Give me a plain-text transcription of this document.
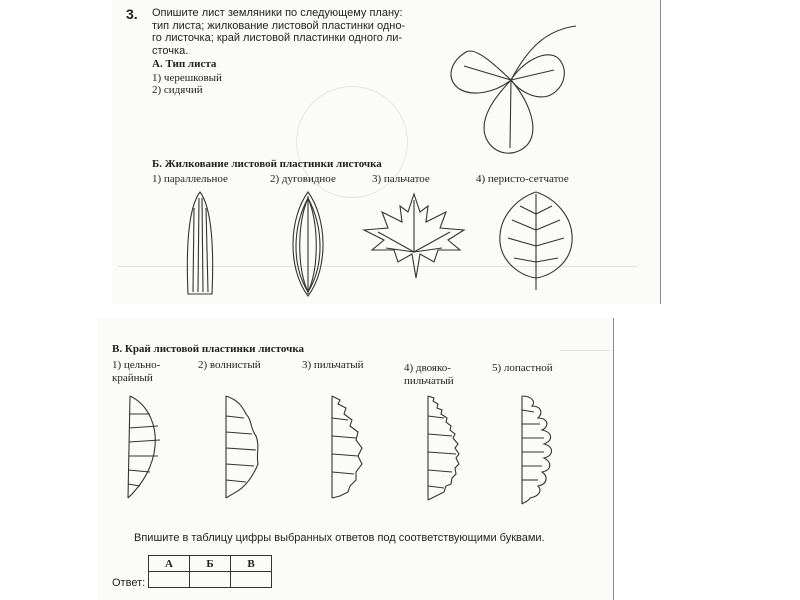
3. Опишите лист земляники по следующему плану:
тип листа; жилкование листовой пластинки одно-
го листочка; край листовой пластинки одного ли-
сточка.
А. Тип листа
1) черешковый
2) сидячий
Б. Жилкование листовой пластинки листочка
1) параллельное	2) дуговидное	3) пальчатое	4) перисто-сетчатое
В. Край листовой пластинки листочка
1) цельно-
крайный
2) волнистый	3) пильчатый	4) двояко-
пильчатый
5) лопастной
Впишите в таблицу цифры выбранных ответов под соответствующими буквами.
А	Б	В

Ответ:
